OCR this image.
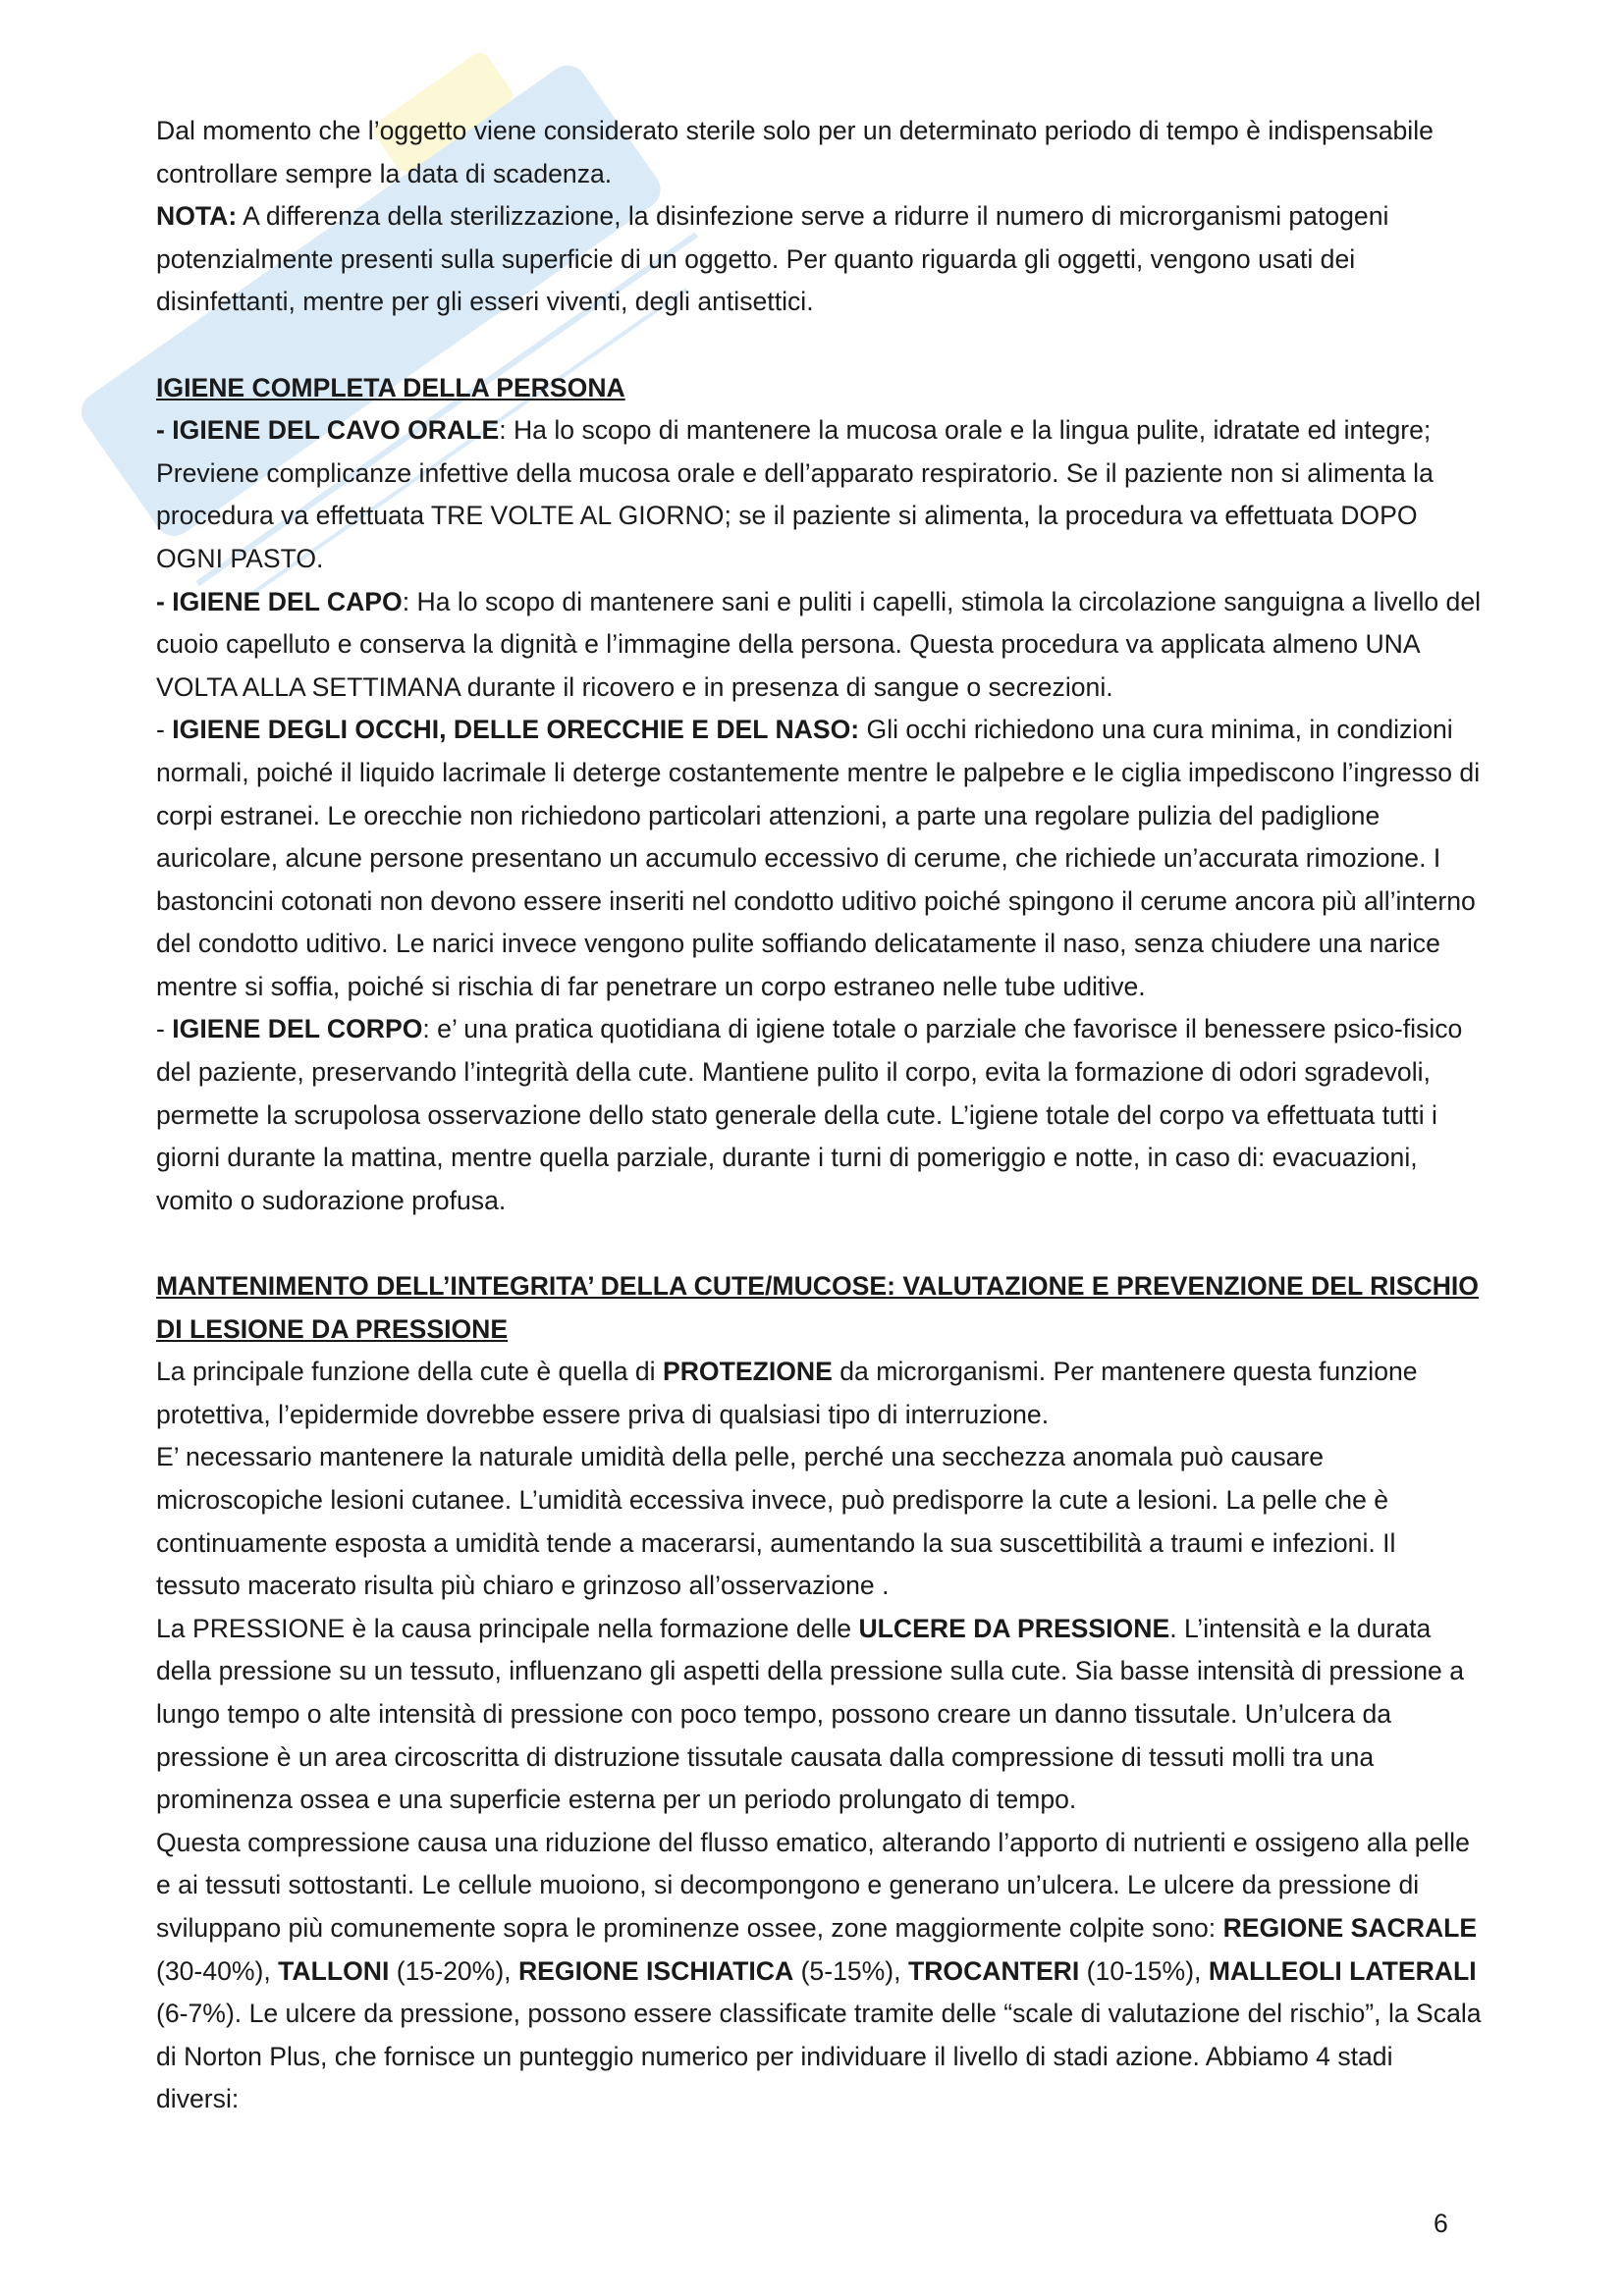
Dal momento che l’oggetto viene considerato sterile solo per un determinato periodo di tempo è indispensabile controllare sempre la data di scadenza.

NOTA: A differenza della sterilizzazione, la disinfezione serve a ridurre il numero di microrganismi patogeni potenzialmente presenti sulla superficie di un oggetto. Per quanto riguarda gli oggetti, vengono usati dei disinfettanti, mentre per gli esseri viventi, degli antisettici.

IGIENE COMPLETA DELLA PERSONA

- IGIENE DEL CAVO ORALE: Ha lo scopo di mantenere la mucosa orale e la lingua pulite, idratate ed integre; Previene complicanze infettive della mucosa orale e dell’apparato respiratorio. Se il paziente non si alimenta la procedura va effettuata TRE VOLTE AL GIORNO; se il paziente si alimenta, la procedura va effettuata DOPO OGNI PASTO.

- IGIENE DEL CAPO: Ha lo scopo di mantenere sani e puliti i capelli, stimola la circolazione sanguigna a livello del cuoio capelluto e conserva la dignità e l’immagine della persona. Questa procedura va applicata almeno UNA VOLTA ALLA SETTIMANA durante il ricovero e in presenza di sangue o secrezioni.

- IGIENE DEGLI OCCHI, DELLE ORECCHIE E DEL NASO: Gli occhi richiedono una cura minima, in condizioni normali, poiché il liquido lacrimale li deterge costantemente mentre le palpebre e le ciglia impediscono l’ingresso di corpi estranei. Le orecchie non richiedono particolari attenzioni, a parte una regolare pulizia del padiglione auricolare, alcune persone presentano un accumulo eccessivo di cerume, che richiede un’accurata rimozione. I bastoncini cotonati non devono essere inseriti nel condotto uditivo poiché spingono il cerume ancora più all’interno del condotto uditivo. Le narici invece vengono pulite soffiando delicatamente il naso, senza chiudere una narice mentre si soffia, poiché si rischia di far penetrare un corpo estraneo nelle tube uditive.

- IGIENE DEL CORPO: e’ una pratica quotidiana di igiene totale o parziale che favorisce il benessere psico-fisico del paziente, preservando l’integrità della cute. Mantiene pulito il corpo, evita la formazione di odori sgradevoli, permette la scrupolosa osservazione dello stato generale della cute. L’igiene totale del corpo va effettuata tutti i giorni durante la mattina, mentre quella parziale, durante i turni di pomeriggio e notte, in caso di: evacuazioni, vomito o sudorazione profusa.

MANTENIMENTO DELL’INTEGRITA’ DELLA CUTE/MUCOSE: VALUTAZIONE E PREVENZIONE DEL RISCHIO DI LESIONE DA PRESSIONE

La principale funzione della cute è quella di PROTEZIONE da microrganismi. Per mantenere questa funzione protettiva, l’epidermide dovrebbe essere priva di qualsiasi tipo di interruzione.

E’ necessario mantenere la naturale umidità della pelle, perché una secchezza anomala può causare microscopiche lesioni cutanee. L’umidità eccessiva invece, può predisporre la cute a lesioni. La pelle che è continuamente esposta a umidità tende a macerarsi, aumentando la sua suscettibilità a traumi e infezioni. Il tessuto macerato risulta più chiaro e grinzoso all’osservazione .

La PRESSIONE è la causa principale nella formazione delle ULCERE DA PRESSIONE. L’intensità e la durata della pressione su un tessuto, influenzano gli aspetti della pressione sulla cute. Sia basse intensità di pressione a lungo tempo o alte intensità di pressione con poco tempo, possono creare un danno tissutale. Un’ulcera da pressione è un area circoscritta di distruzione tissutale causata dalla compressione di tessuti molli tra una prominenza ossea e una superficie esterna per un periodo prolungato di tempo.

Questa compressione causa una riduzione del flusso ematico, alterando l’apporto di nutrienti e ossigeno alla pelle e ai tessuti sottostanti. Le cellule muoiono, si decompongono e generano un’ulcera. Le ulcere da pressione di sviluppano più comunemente sopra le prominenze ossee, zone maggiormente colpite sono: REGIONE SACRALE (30-40%), TALLONI (15-20%), REGIONE ISCHIATICA (5-15%), TROCANTERI (10-15%), MALLEOLI LATERALI (6-7%). Le ulcere da pressione, possono essere classificate tramite delle “scale di valutazione del rischio”, la Scala di Norton Plus, che fornisce un punteggio numerico per individuare il livello di stadi azione. Abbiamo 4 stadi diversi:

6
